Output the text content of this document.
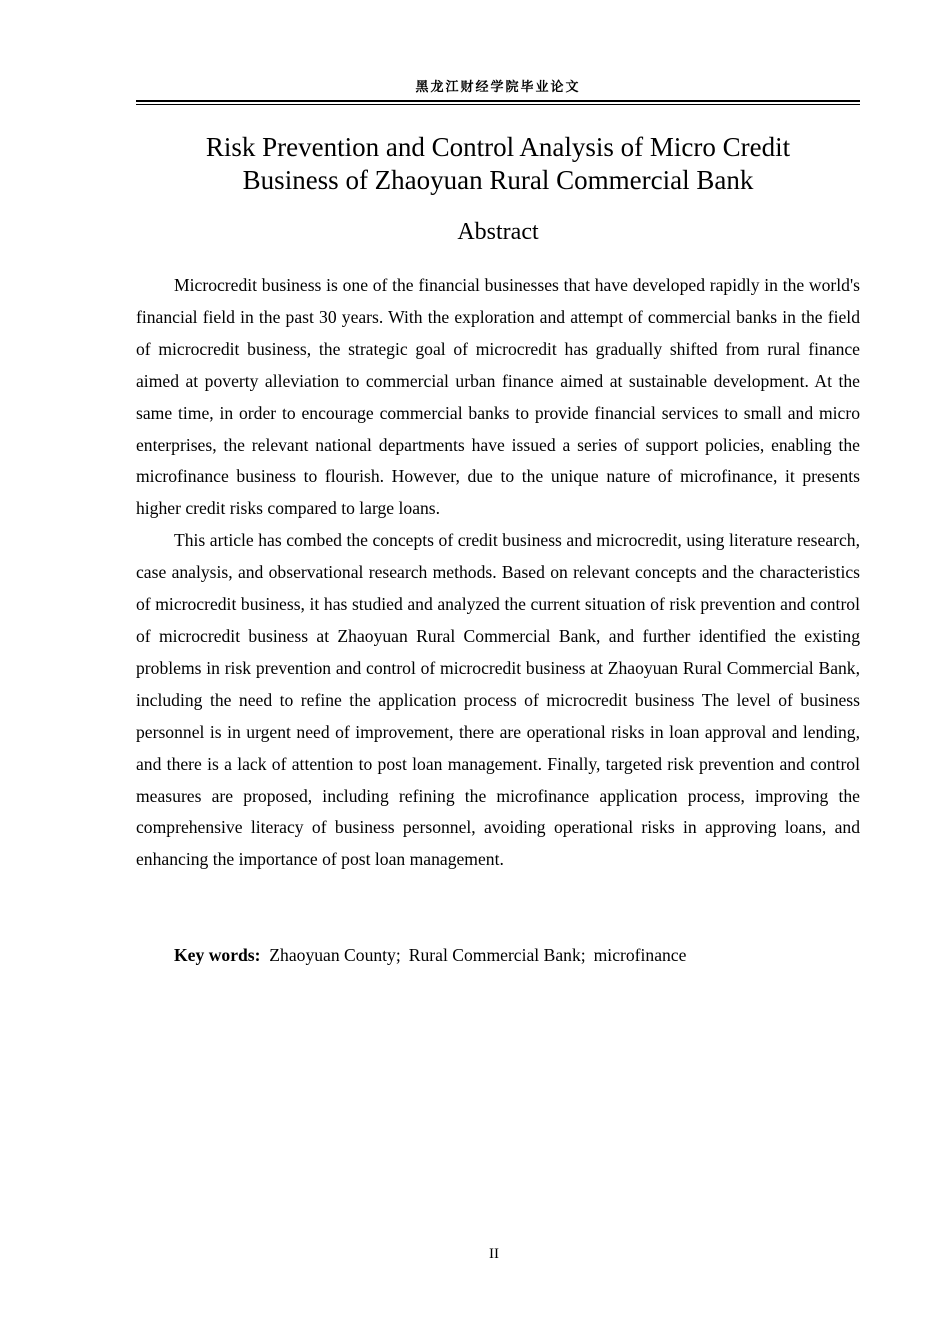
黑龙江财经学院毕业论文
Risk Prevention and Control Analysis of Micro Credit
Business of Zhaoyuan Rural Commercial Bank
Abstract

Microcredit business is one of the financial businesses that have developed rapidly in the world's financial field in the past 30 years. With the exploration and attempt of commercial banks in the field of microcredit business, the strategic goal of microcredit has gradually shifted from rural finance aimed at poverty alleviation to commercial urban finance aimed at sustainable development. At the same time, in order to encourage commercial banks to provide financial services to small and micro enterprises, the relevant national departments have issued a series of support policies, enabling the microfinance business to flourish. However, due to the unique nature of microfinance, it presents higher credit risks compared to large loans.

This article has combed the concepts of credit business and microcredit, using literature research, case analysis, and observational research methods. Based on relevant concepts and the characteristics of microcredit business, it has studied and analyzed the current situation of risk prevention and control of microcredit business at Zhaoyuan Rural Commercial Bank, and further identified the existing problems in risk prevention and control of microcredit business at Zhaoyuan Rural Commercial Bank, including the need to refine the application process of microcredit business The level of business personnel is in urgent need of improvement, there are operational risks in loan approval and lending, and there is a lack of attention to post loan management. Finally, targeted risk prevention and control measures are proposed, including refining the microfinance application process, improving the comprehensive literacy of business personnel, avoiding operational risks in approving loans, and enhancing the importance of post loan management.

Key words: Zhaoyuan County; Rural Commercial Bank; microfinance
II
